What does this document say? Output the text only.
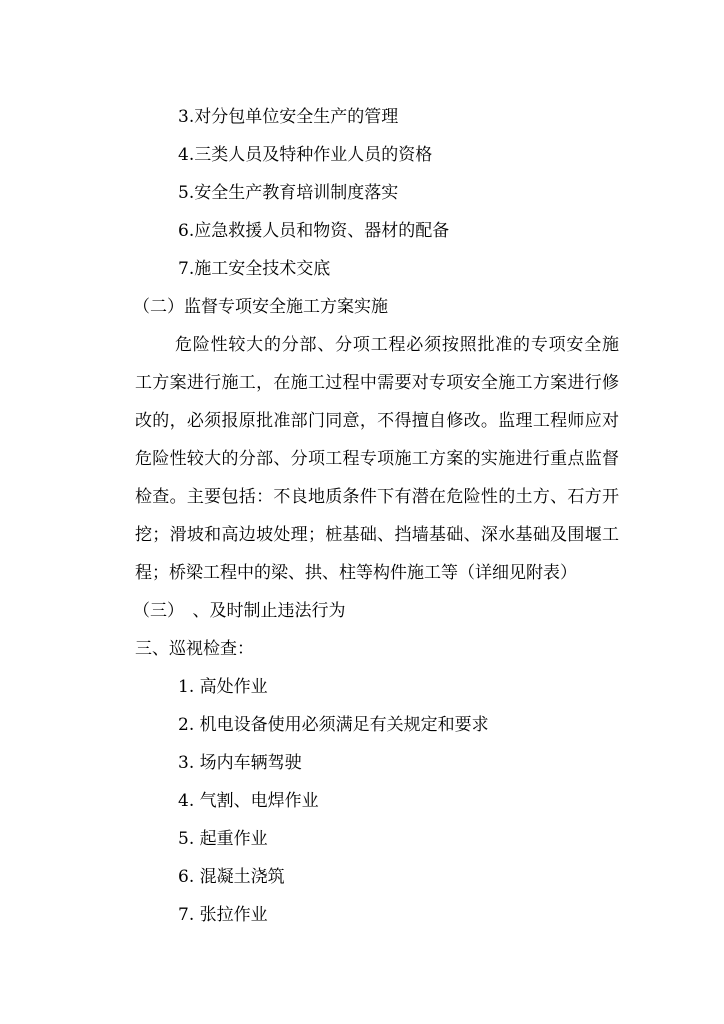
3.对分包单位安全生产的管理
4.三类人员及特种作业人员的资格
5.安全生产教育培训制度落实
6.应急救援人员和物资、器材的配备
7.施工安全技术交底
（二）监督专项安全施工方案实施
危险性较大的分部、分项工程必须按照批准的专项安全施
工方案进行施工，在施工过程中需要对专项安全施工方案进行修
改的，必须报原批准部门同意，不得擅自修改。监理工程师应对
危险性较大的分部、分项工程专项施工方案的实施进行重点监督
检查。主要包括：不良地质条件下有潜在危险性的土方、石方开
挖；滑坡和高边坡处理；桩基础、挡墙基础、深水基础及围堰工
程；桥梁工程中的梁、拱、柱等构件施工等（详细见附表）
（三）　、及时制止违法行为
三、巡视检查：
1. 高处作业
2. 机电设备使用必须满足有关规定和要求
3. 场内车辆驾驶
4. 气割、电焊作业
5. 起重作业
6. 混凝土浇筑
7. 张拉作业
